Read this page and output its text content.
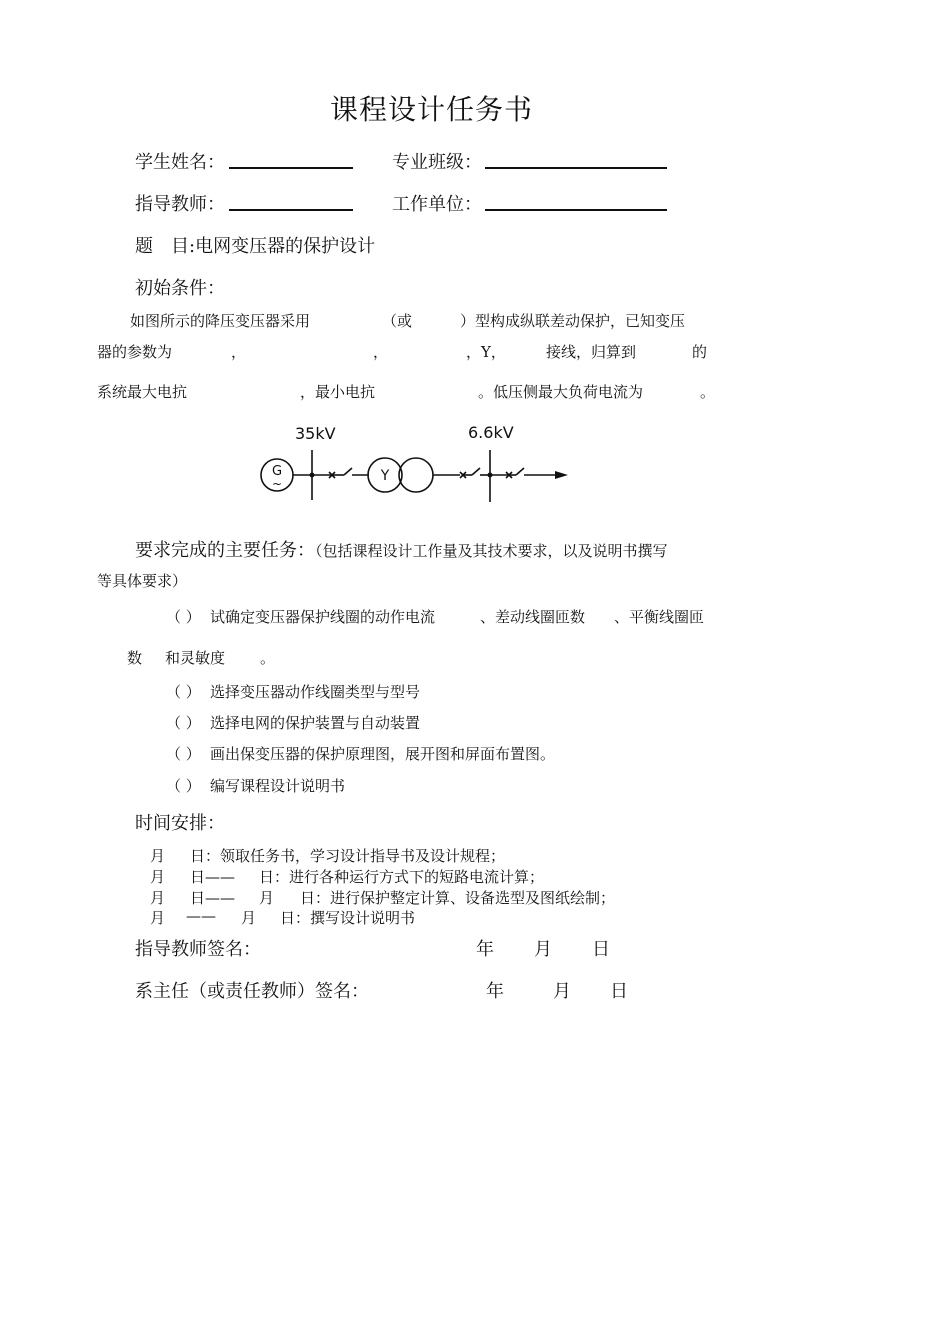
课程设计任务书
学生姓名：	专业班级：
指导教师：	工作单位：
题　目:电网变压器的保护设计
初始条件：
如图所示的降压变压器采用	（或	）型构成纵联差动保护，已知变压
器的参数为	，	，	，Y，	接线，归算到	的
系统最大电抗	，最小电抗	。低压侧最大负荷电流为	。
35kV	6.6kV
G
~	Y
要求完成的主要任务：（包括课程设计工作量及其技术要求，以及说明书撰写
等具体要求）
（ ） 试确定变压器保护线圈的动作电流	、差动线圈匝数 、平衡线圈匝
数 和灵敏度 。
（ ） 选择变压器动作线圈类型与型号
（ ） 选择电网的保护装置与自动装置
（ ） 画出保变压器的保护原理图，展开图和屏面布置图。
（ ） 编写课程设计说明书
时间安排：
月 日：领取任务书，学习设计指导书及设计规程；
月 日—— 日：进行各种运行方式下的短路电流计算；
月 日—— 月 日：进行保护整定计算、设备选型及图纸绘制；
月 —— 月 日：撰写设计说明书
指导教师签名：	年 月 日
系主任（或责任教师）签名：	年	月 日
